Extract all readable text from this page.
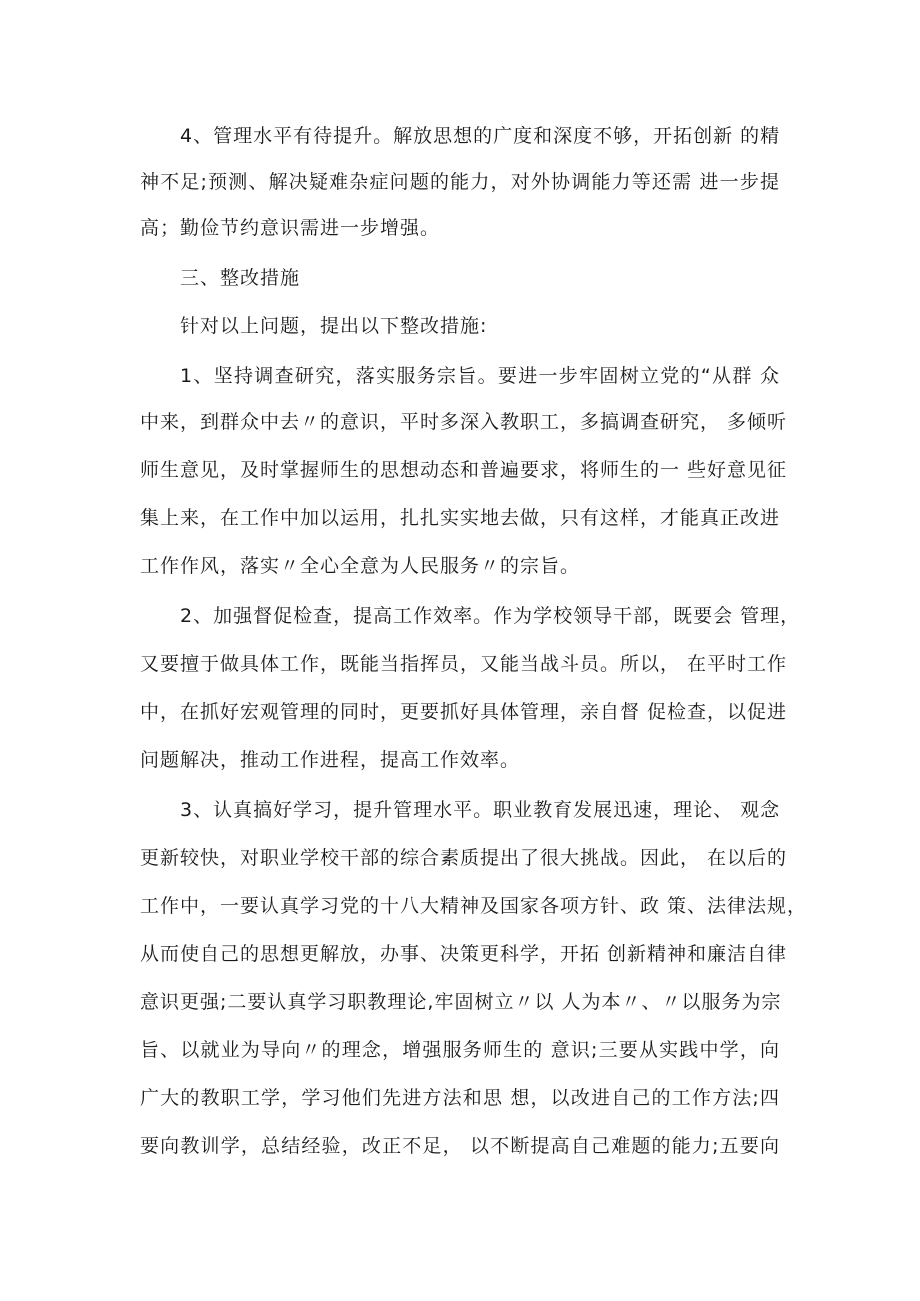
4、管理水平有待提升。解放思想的广度和深度不够，开拓创新 的精
神不足;预测、解决疑难杂症问题的能力，对外协调能力等还需 进一步提
高；勤俭节约意识需进一步增强。
三、整改措施
针对以上问题，提出以下整改措施:
1、坚持调查研究，落实服务宗旨。要进一步牢固树立党的“从群 众
中来，到群众中去〃的意识，平时多深入教职工，多搞调查研究， 多倾听
师生意见，及时掌握师生的思想动态和普遍要求，将师生的一 些好意见征
集上来，在工作中加以运用，扎扎实实地去做，只有这样，才能真正改进
工作作风，落实〃全心全意为人民服务〃的宗旨。
2、加强督促检查，提高工作效率。作为学校领导干部，既要会 管理，
又要擅于做具体工作，既能当指挥员，又能当战斗员。所以， 在平时工作
中，在抓好宏观管理的同时，更要抓好具体管理，亲自督 促检查，以促进
问题解决，推动工作进程，提高工作效率。
3、认真搞好学习，提升管理水平。职业教育发展迅速，理论、 观念
更新较快，对职业学校干部的综合素质提出了很大挑战。因此， 在以后的
工作中，一要认真学习党的十八大精神及国家各项方针、政 策、法律法规，
从而使自己的思想更解放，办事、决策更科学，开拓 创新精神和廉洁自律
意识更强;二要认真学习职教理论,牢固树立〃以 人为本〃、〃以服务为宗
旨、以就业为导向〃的理念，增强服务师生的 意识;三要从实践中学，向
广大的教职工学，学习他们先进方法和思 想，以改进自己的工作方法;四
要向教训学，总结经验，改正不足， 以不断提高自己难题的能力;五要向
